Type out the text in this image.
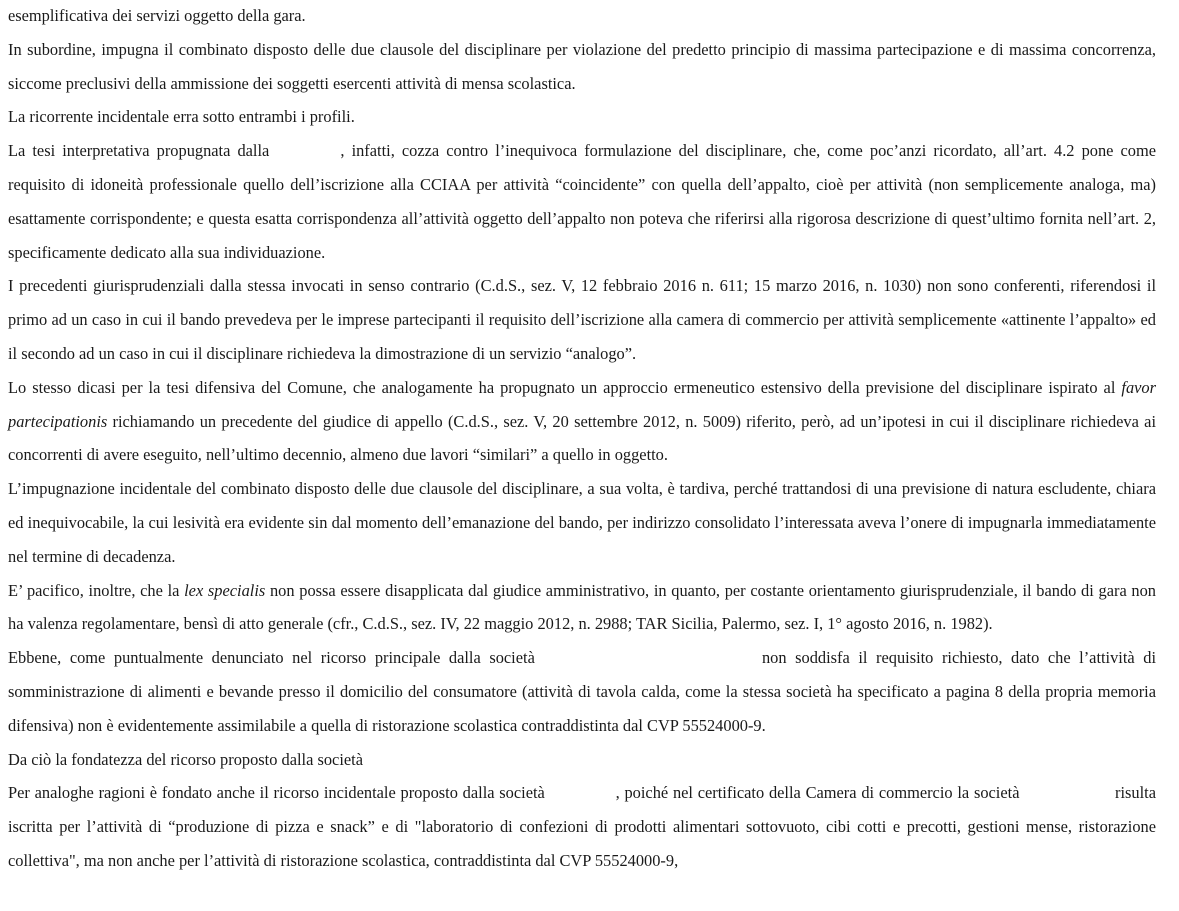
esemplificativa dei servizi oggetto della gara.

In subordine, impugna il combinato disposto delle due clausole del disciplinare per violazione del predetto principio di massima partecipazione e di massima concorrenza, siccome preclusivi della ammissione dei soggetti esercenti attività di mensa scolastica.

La ricorrente incidentale erra sotto entrambi i profili.

La tesi interpretativa propugnata dalla	, infatti, cozza contro l’inequivoca formulazione del disciplinare, che, come poc’anzi ricordato, all’art. 4.2 pone come requisito di idoneità professionale quello dell’iscrizione alla CCIAA per attività “coincidente” con quella dell’appalto, cioè per attività (non semplicemente analoga, ma) esattamente corrispondente; e questa esatta corrispondenza all’attività oggetto dell’appalto non poteva che riferirsi alla rigorosa descrizione di quest’ultimo fornita nell’art. 2, specificamente dedicato alla sua individuazione.

I precedenti giurisprudenziali dalla stessa invocati in senso contrario (C.d.S., sez. V, 12 febbraio 2016 n. 611; 15 marzo 2016, n. 1030) non sono conferenti, riferendosi il primo ad un caso in cui il bando prevedeva per le imprese partecipanti il requisito dell’iscrizione alla camera di commercio per attività semplicemente «attinente l’appalto» ed il secondo ad un caso in cui il disciplinare richiedeva la dimostrazione di un servizio “analogo”.

Lo stesso dicasi per la tesi difensiva del Comune, che analogamente ha propugnato un approccio ermeneutico estensivo della previsione del disciplinare ispirato al favor partecipationis richiamando un precedente del giudice di appello (C.d.S., sez. V, 20 settembre 2012, n. 5009) riferito, però, ad un’ipotesi in cui il disciplinare richiedeva ai concorrenti di avere eseguito, nell’ultimo decennio, almeno due lavori “similari” a quello in oggetto.

L’impugnazione incidentale del combinato disposto delle due clausole del disciplinare, a sua volta, è tardiva, perché trattandosi di una previsione di natura escludente, chiara ed inequivocabile, la cui lesività era evidente sin dal momento dell’emanazione del bando, per indirizzo consolidato l’interessata aveva l’onere di impugnarla immediatamente nel termine di decadenza.

E’ pacifico, inoltre, che la lex specialis non possa essere disapplicata dal giudice amministrativo, in quanto, per costante orientamento giurisprudenziale, il bando di gara non ha valenza regolamentare, bensì di atto generale (cfr., C.d.S., sez. IV, 22 maggio 2012, n. 2988; TAR Sicilia, Palermo, sez. I, 1° agosto 2016, n. 1982).

Ebbene, come puntualmente denunciato nel ricorso principale dalla società	non soddisfa il requisito richiesto, dato che l’attività di somministrazione di alimenti e bevande presso il domicilio del consumatore (attività di tavola calda, come la stessa società ha specificato a pagina 8 della propria memoria difensiva) non è evidentemente assimilabile a quella di ristorazione scolastica contraddistinta dal CVP 55524000-9.

Da ciò la fondatezza del ricorso proposto dalla società

Per analoghe ragioni è fondato anche il ricorso incidentale proposto dalla società	, poiché nel certificato della Camera di commercio la società	risulta iscritta per l’attività di “produzione di pizza e snack” e di "laboratorio di confezioni di prodotti alimentari sottovuoto, cibi cotti e precotti, gestioni mense, ristorazione collettiva", ma non anche per l’attività di ristorazione scolastica, contraddistinta dal CVP 55524000-9,
